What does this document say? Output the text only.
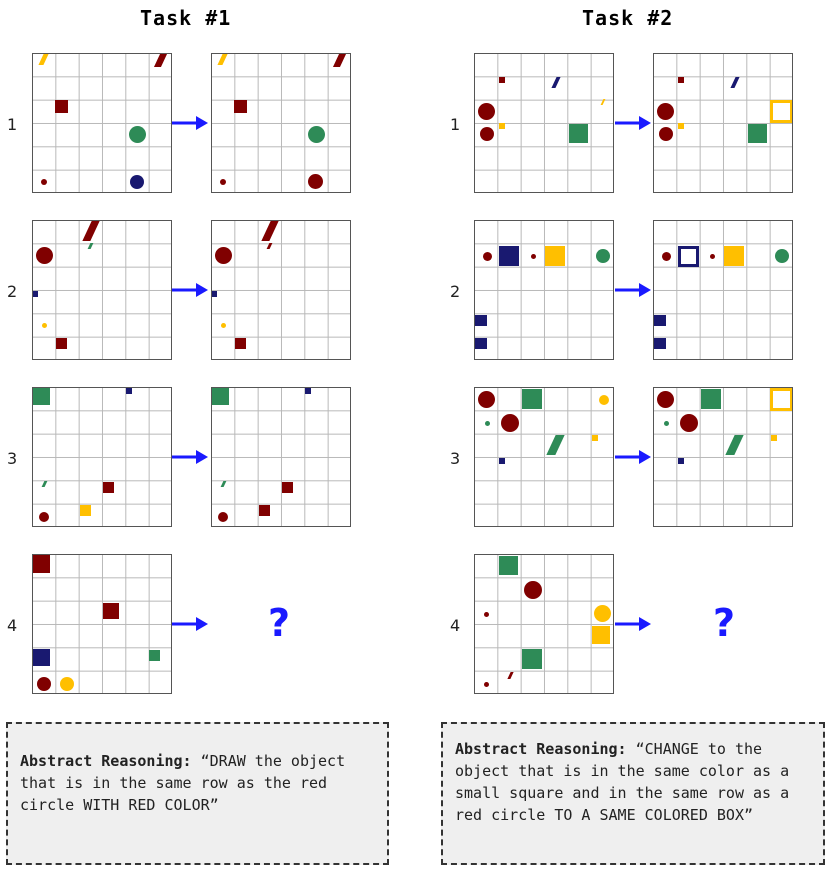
Task #1	Task #2
1
2
3
4
1
2
3
4
?	?
Abstract Reasoning: “DRAW the object that is in the same row as the red circle WITH RED COLOR”
Abstract Reasoning: “CHANGE to the object that is in the same color as a small square and in the same row as a red circle TO A SAME COLORED BOX”
